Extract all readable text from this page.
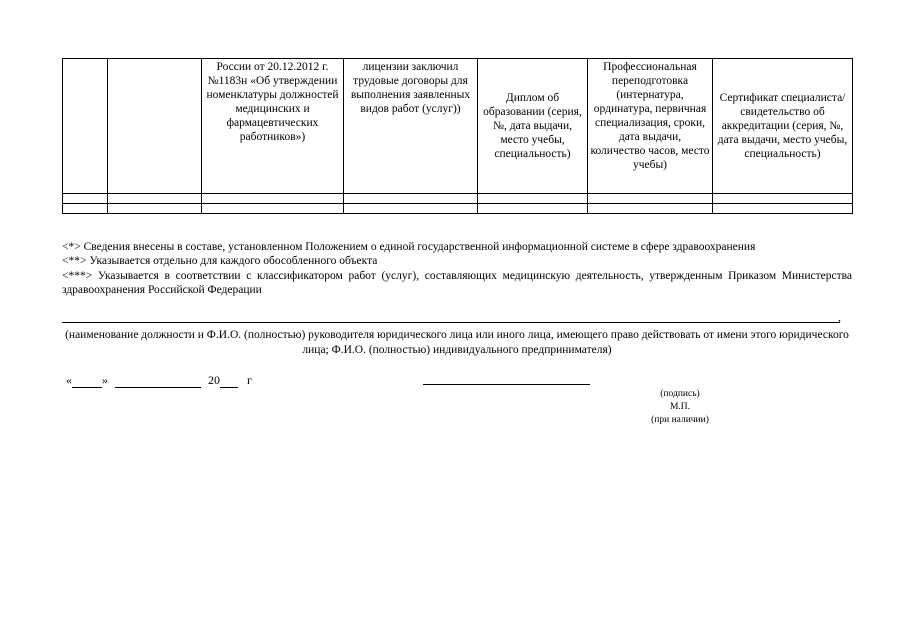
		России от 20.12.2012 г. №1183н «Об утверждении номенклатуры должностей медицинских и фармацевтических работников»)	лицензии заключил трудовые договоры для выполнения заявленных видов работ (услуг))	Диплом об образовании (серия, №, дата выдачи, место учебы, специальность)	Профессиональная переподготовка (интернатура, ординатура, первичная специализация, сроки, дата выдачи, количество часов, место учебы)	Сертификат специалиста/ свидетельство об аккредитации (серия, №, дата выдачи, место учебы, специальность)

<*> Сведения внесены в составе, установленном Положением о единой государственной информационной системе в сфере здравоохранения

<**> Указывается отдельно для каждого обособленного объекта

<***> Указывается в соответствии с классификатором работ (услуг), составляющих медицинскую деятельность, утвержденным Приказом Министерства здравоохранения Российской Федерации

,
(наименование должности и Ф.И.О. (полностью) руководителя юридического лица или иного лица, имеющего право действовать от имени этого юридического лица; Ф.И.О. (полностью) индивидуального предпринимателя)
«	»	20 г
(подпись)
М.П.
(при наличии)
